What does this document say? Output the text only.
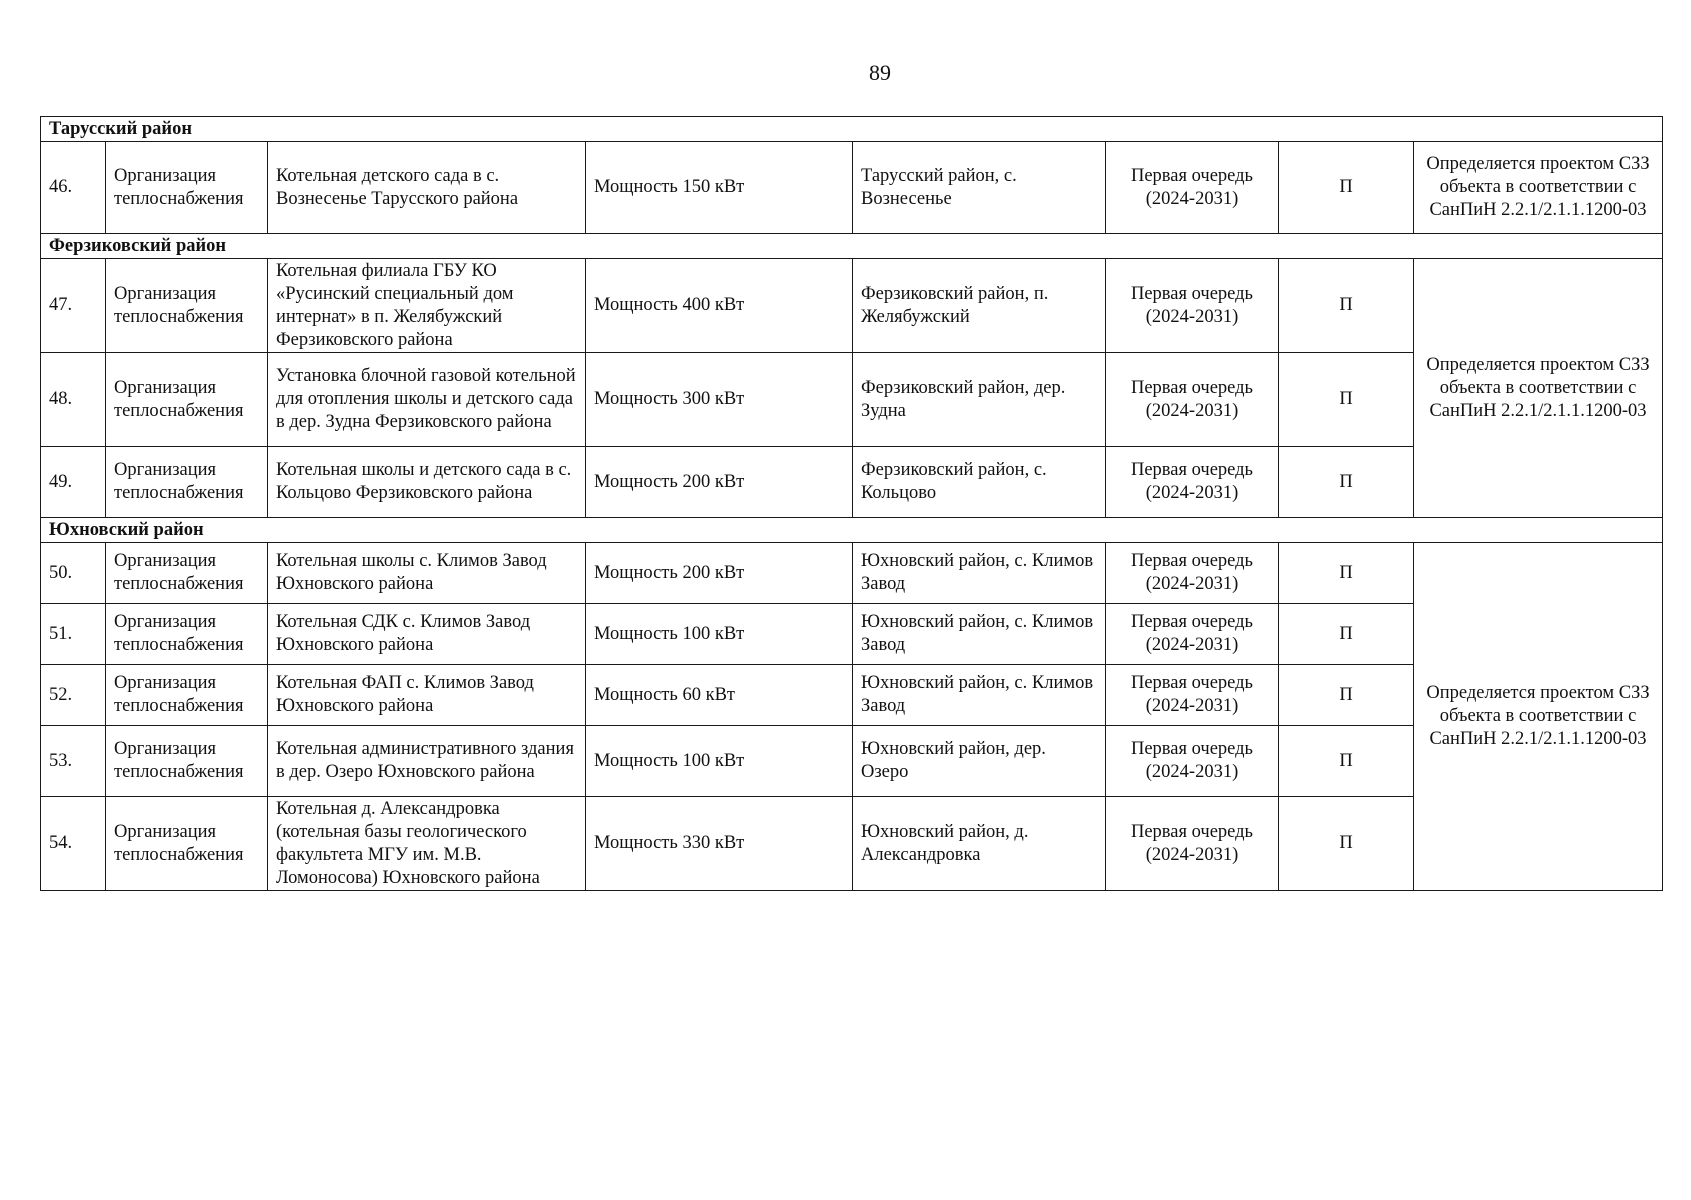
89
Тарусский район							
46.	Организация теплоснабжения	Котельная детского сада в с. Вознесенье Тарусского района	Мощность 150 кВт	Тарусский район, с. Вознесенье	Первая очередь (2024-2031)	П	Определяется проектом СЗЗ объекта в соответствии с СанПиН 2.2.1/2.1.1.1200-03
Ферзиковский район							
47.	Организация теплоснабжения	Котельная филиала ГБУ КО «Русинский специальный дом интернат» в п. Желябужский Ферзиковского района	Мощность 400 кВт	Ферзиковский район, п. Желябужский	Первая очередь (2024-2031)	П	Определяется проектом СЗЗ объекта в соответствии с СанПиН 2.2.1/2.1.1.1200-03
48.	Организация теплоснабжения	Установка блочной газовой котельной для отопления школы и детского сада в дер. Зудна Ферзиковского района	Мощность 300 кВт	Ферзиковский район, дер. Зудна	Первая очередь (2024-2031)	П	
49.	Организация теплоснабжения	Котельная школы и детского сада в с. Кольцово Ферзиковского района	Мощность 200 кВт	Ферзиковский район, с. Кольцово	Первая очередь (2024-2031)	П	
Юхновский район							
50.	Организация теплоснабжения	Котельная школы с. Климов Завод Юхновского района	Мощность 200 кВт	Юхновский район, с. Климов Завод	Первая очередь (2024-2031)	П	Определяется проектом СЗЗ объекта в соответствии с СанПиН 2.2.1/2.1.1.1200-03
51.	Организация теплоснабжения	Котельная СДК с. Климов Завод Юхновского района	Мощность 100 кВт	Юхновский район, с. Климов Завод	Первая очередь (2024-2031)	П	
52.	Организация теплоснабжения	Котельная ФАП с. Климов Завод Юхновского района	Мощность 60 кВт	Юхновский район, с. Климов Завод	Первая очередь (2024-2031)	П	
53.	Организация теплоснабжения	Котельная административного здания в дер. Озеро Юхновского района	Мощность 100 кВт	Юхновский район, дер. Озеро	Первая очередь (2024-2031)	П	
54.	Организация теплоснабжения	Котельная д. Александровка (котельная базы геологического факультета МГУ им. М.В. Ломоносова) Юхновского района	Мощность 330 кВт	Юхновский район, д. Александровка	Первая очередь (2024-2031)	П	
